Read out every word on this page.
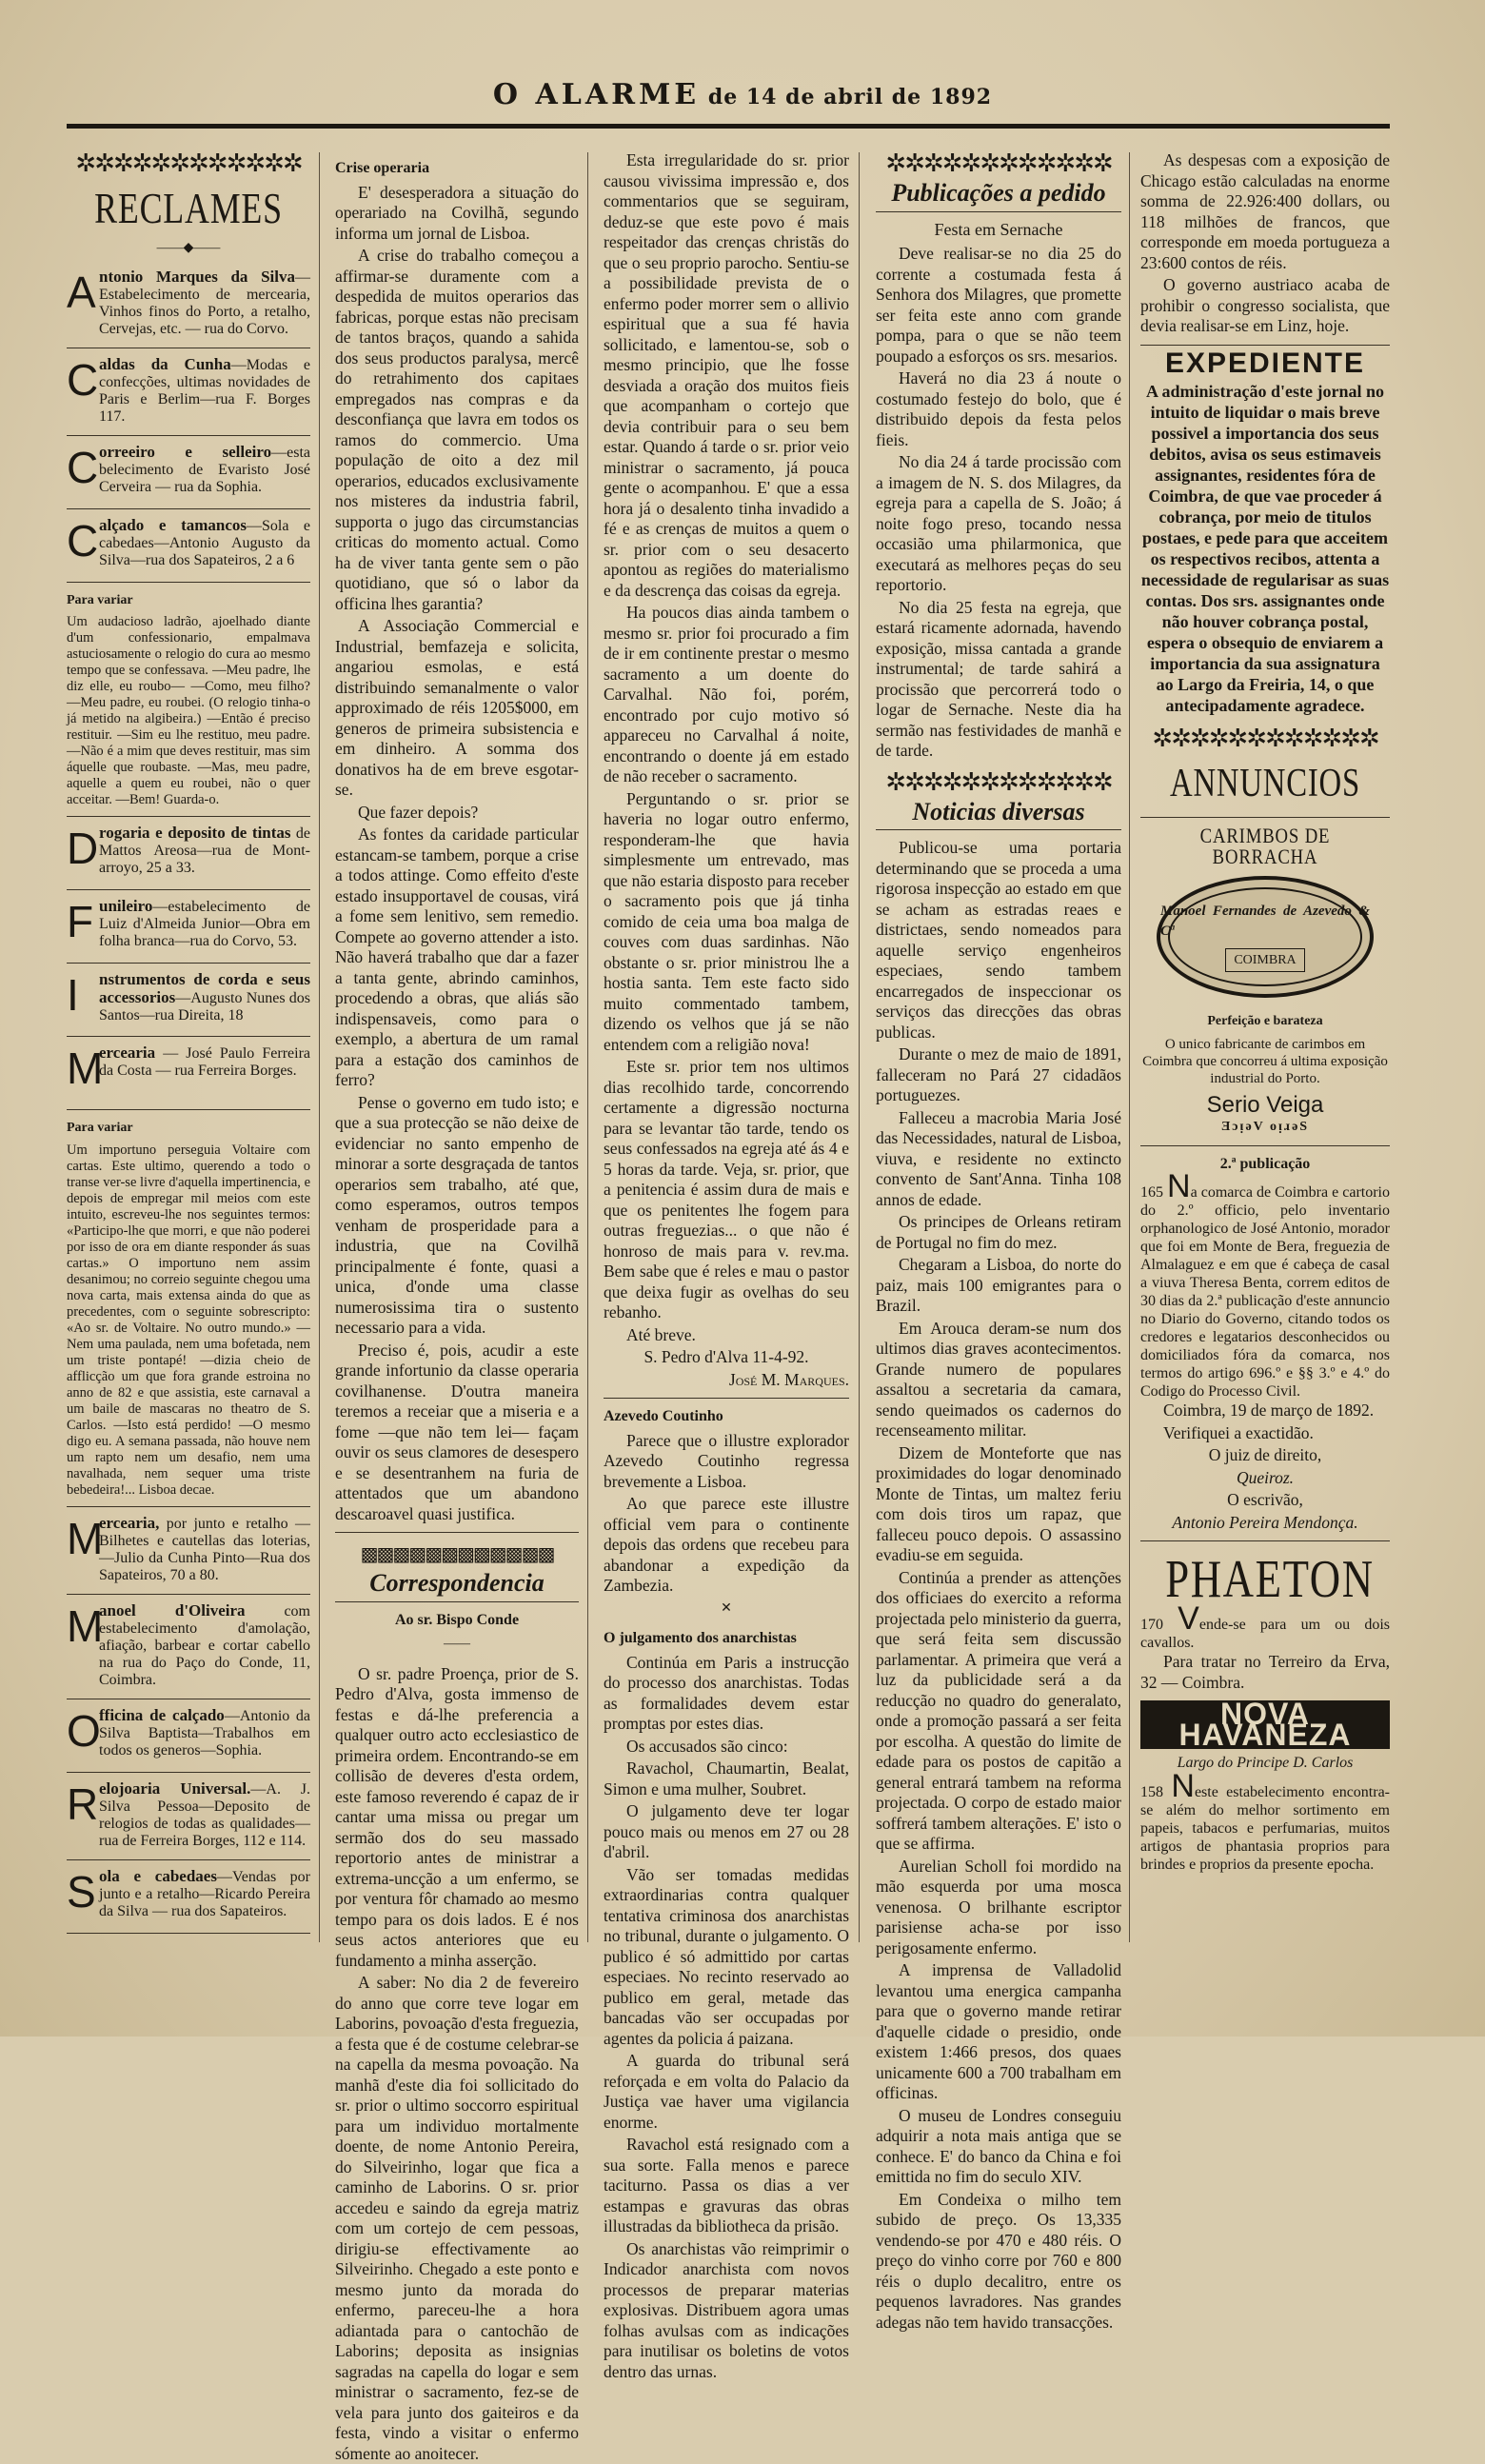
O ALARME de 14 de abril de 1892
✲✲✲✲✲✲✲✲✲✲✲✲
RECLAMES
——◆——
A ntonio Marques da Silva—Estabelecimento de mercearia, Vinhos finos do Porto, a retalho, Cervejas, etc. — rua do Corvo.
C aldas da Cunha—Modas e confecções, ultimas novidades de Paris e Berlim—rua F. Borges 117.
C orreeiro e selleiro—esta belecimento de Evaristo José Cerveira — rua da Sophia.
C alçado e tamancos—Sola e cabedaes—Antonio Augusto da Silva—rua dos Sapateiros, 2 a 6
Para variar
Um audacioso ladrão, ajoelhado diante d'um confessionario, empalmava astuciosamente o relogio do cura ao mesmo tempo que se confessava. —Meu padre, lhe diz elle, eu roubo— —Como, meu filho? —Meu padre, eu roubei. (O relogio tinha-o já metido na algibeira.) —Então é preciso restituir. —Sim eu lhe restituo, meu padre. —Não é a mim que deves restituir, mas sim áquelle que roubaste. —Mas, meu padre, aquelle a quem eu roubei, não o quer acceitar. —Bem! Guarda-o.
D rogaria e deposito de tintas de Mattos Areosa—rua de Mont-arroyo, 25 a 33.
F unileiro—estabelecimento de Luiz d'Almeida Junior—Obra em folha branca—rua do Corvo, 53.
I nstrumentos de corda e seus accessorios—Augusto Nunes dos Santos—rua Direita, 18
M
ercearia — José Paulo Ferreira da Costa — rua Ferreira Borges.
Para variar
Um importuno perseguia Voltaire com cartas. Este ultimo, querendo a todo o transe ver-se livre d'aquella impertinencia, e depois de empregar mil meios com este intuito, escreveu-lhe nos seguintes termos: «Participo-lhe que morri, e que não poderei por isso de ora em diante responder ás suas cartas.» O importuno nem assim desanimou; no correio seguinte chegou uma nova carta, mais extensa ainda do que as precedentes, com o seguinte sobrescripto: «Ao sr. de Voltaire. No outro mundo.» —Nem uma paulada, nem uma bofetada, nem um triste pontapé! —dizia cheio de afflicção um que fora grande estroina no anno de 82 e que assistia, este carnaval a um baile de mascaras no theatro de S. Carlos. —Isto está perdido! —O mesmo digo eu. A semana passada, não houve nem um rapto nem um desafio, nem uma navalhada, nem sequer uma triste bebedeira!... Lisboa decae.
M
ercearia, por junto e retalho —Bilhetes e cautellas das loterias, —Julio da Cunha Pinto—Rua dos Sapateiros, 70 a 80.
M
anoel d'Oliveira com estabelecimento d'amolação, afiação, barbear e cortar cabello na rua do Paço do Conde, 11, Coimbra.
O
fficina de calçado—Antonio da Silva Baptista—Trabalhos em todos os generos—Sophia.
R elojoaria Universal.—A. J. Silva Pessoa—Deposito de relogios de todas as qualidades—rua de Ferreira Borges, 112 e 114.
S ola e cabedaes—Vendas por junto e a retalho—Ricardo Pereira da Silva — rua dos Sapateiros.
Crise operaria

E' desesperadora a situação do operariado na Covilhã, segundo informa um jornal de Lisboa.

A crise do trabalho começou a affirmar-se duramente com a despedida de muitos operarios das fabricas, porque estas não precisam de tantos braços, quando a sahida dos seus productos paralysa, mercê do retrahimento dos capitaes empregados nas compras e da desconfiança que lavra em todos os ramos do commercio. Uma população de oito a dez mil operarios, educados exclusivamente nos misteres da industria fabril, supporta o jugo das circumstancias criticas do momento actual. Como ha de viver tanta gente sem o pão quotidiano, que só o labor da officina lhes garantia?

A Associação Commercial e Industrial, bemfazeja e solicita, angariou esmolas, e está distribuindo semanalmente o valor approximado de réis 1205$000, em generos de primeira subsistencia e em dinheiro. A somma dos donativos ha de em breve esgotar-se.

Que fazer depois?

As fontes da caridade particular estancam-se tambem, porque a crise a todos attinge. Como effeito d'este estado insupportavel de cousas, virá a fome sem lenitivo, sem remedio. Compete ao governo attender a isto. Não haverá trabalho que dar a fazer a tanta gente, abrindo caminhos, procedendo a obras, que aliás são indispensaveis, como para o exemplo, a abertura de um ramal para a estação dos caminhos de ferro?

Pense o governo em tudo isto; e que a sua protecção se não deixe de evidenciar no santo empenho de minorar a sorte desgraçada de tantos operarios sem trabalho, até que, como esperamos, outros tempos venham de prosperidade para a industria, que na Covilhã principalmente é fonte, quasi a unica, d'onde uma classe numerosissima tira o sustento necessario para a vida.

Preciso é, pois, acudir a este grande infortunio da classe operaria covilhanense. D'outra maneira teremos a receiar que a miseria e a fome —que não tem lei— façam ouvir os seus clamores de desespero e se desentranhem na furia de attentados que um abandono descaroavel quasi justifica.

▩▩▩▩▩▩▩▩▩▩▩▩
Correspondencia
Ao sr. Bispo Conde
——

O sr. padre Proença, prior de S. Pedro d'Alva, gosta immenso de festas e dá-lhe preferencia a qualquer outro acto ecclesiastico de primeira ordem. Encontrando-se em collisão de deveres d'esta ordem, este famoso reverendo é capaz de ir cantar uma missa ou pregar um sermão dos do seu massado reportorio antes de ministrar a extrema-uncção a um enfermo, se por ventura fôr chamado ao mesmo tempo para os dois lados. E é nos seus actos anteriores que eu fundamento a minha asserção.

A saber: No dia 2 de fevereiro do anno que corre teve logar em Laborins, povoação d'esta freguezia, a festa que é de costume celebrar-se na capella da mesma povoação. Na manhã d'este dia foi sollicitado do sr. prior o ultimo soccorro espiritual para um individuo mortalmente doente, de nome Antonio Pereira, do Silveirinho, logar que fica a caminho de Laborins. O sr. prior accedeu e saindo da egreja matriz com um cortejo de cem pessoas, dirigiu-se effectivamente ao Silveirinho. Chegado a este ponto e mesmo junto da morada do enfermo, pareceu-lhe a hora adiantada para o cantochão de Laborins; deposita as insignias sagradas na capella do logar e sem ministrar o sacramento, fez-se de vela para junto dos gaiteiros e da festa, vindo a visitar o enfermo sómente ao anoitecer.

Esta irregularidade do sr. prior causou vivissima impressão e, dos commentarios que se seguiram, deduz-se que este povo é mais respeitador das crenças christãs do que o seu proprio parocho. Sentiu-se a possibilidade prevista de o enfermo poder morrer sem o allivio espiritual que a sua fé havia sollicitado, e lamentou-se, sob o mesmo principio, que lhe fosse desviada a oração dos muitos fieis que acompanham o cortejo que devia contribuir para o seu bem estar. Quando á tarde o sr. prior veio ministrar o sacramento, já pouca gente o acompanhou. E' que a essa hora já o desalento tinha invadido a fé e as crenças de muitos a quem o sr. prior com o seu desacerto apontou as regiões do materialismo e da descrença das coisas da egreja.

Ha poucos dias ainda tambem o mesmo sr. prior foi procurado a fim de ir em continente prestar o mesmo sacramento a um doente do Carvalhal. Não foi, porém, encontrado por cujo motivo só appareceu no Carvalhal á noite, encontrando o doente já em estado de não receber o sacramento.

Perguntando o sr. prior se haveria no logar outro enfermo, responderam-lhe que havia simplesmente um entrevado, mas que não estaria disposto para receber o sacramento pois que já tinha comido de ceia uma boa malga de couves com duas sardinhas. Não obstante o sr. prior ministrou lhe a hostia santa. Tem este facto sido muito commentado tambem, dizendo os velhos que já se não entendem com a religião nova!

Este sr. prior tem nos ultimos dias recolhido tarde, concorrendo certamente a digressão nocturna para se levantar tão tarde, tendo os seus confessados na egreja até ás 4 e 5 horas da tarde. Veja, sr. prior, que a penitencia é assim dura de mais e que os penitentes lhe fogem para outras freguezias... o que não é honroso de mais para v. rev.ma. Bem sabe que é reles e mau o pastor que deixa fugir as ovelhas do seu rebanho.

Até breve.

S. Pedro d'Alva 11-4-92.

José M. Marques.

Azevedo Coutinho

Parece que o illustre explorador Azevedo Coutinho regressa brevemente a Lisboa.

Ao que parece este illustre official vem para o continente depois das ordens que recebeu para abandonar a expedição da Zambezia.

✕
O julgamento dos anarchistas

Continúa em Paris a instrucção do processo dos anarchistas. Todas as formalidades devem estar promptas por estes dias.

Os accusados são cinco:

Ravachol, Chaumartin, Bealat, Simon e uma mulher, Soubret.

O julgamento deve ter logar pouco mais ou menos em 27 ou 28 d'abril.

Vão ser tomadas medidas extraordinarias contra qualquer tentativa criminosa dos anarchistas no tribunal, durante o julgamento. O publico é só admittido por cartas especiaes. No recinto reservado ao publico em geral, metade das bancadas vão ser occupadas por agentes da policia á paizana.

A guarda do tribunal será reforçada e em volta do Palacio da Justiça vae haver uma vigilancia enorme.

Ravachol está resignado com a sua sorte. Falla menos e parece taciturno. Passa os dias a ver estampas e gravuras das obras illustradas da bibliotheca da prisão.

Os anarchistas vão reimprimir o Indicador anarchista com novos processos de preparar materias explosivas. Distribuem agora umas folhas avulsas com as indicações para inutilisar os boletins de votos dentro das urnas.

✲✲✲✲✲✲✲✲✲✲✲✲
Publicações a pedido
Festa em Sernache

Deve realisar-se no dia 25 do corrente a costumada festa á Senhora dos Milagres, que promette ser feita este anno com grande pompa, para o que se não teem poupado a esforços os srs. mesarios.

Haverá no dia 23 á noute o costumado festejo do bolo, que é distribuido depois da festa pelos fieis.

No dia 24 á tarde procissão com a imagem de N. S. dos Milagres, da egreja para a capella de S. João; á noite fogo preso, tocando nessa occasião uma philarmonica, que executará as melhores peças do seu reportorio.

No dia 25 festa na egreja, que estará ricamente adornada, havendo exposição, missa cantada a grande instrumental; de tarde sahirá a procissão que percorrerá todo o logar de Sernache. Neste dia ha sermão nas festividades de manhã e de tarde.

✲✲✲✲✲✲✲✲✲✲✲✲
Noticias diversas

Publicou-se uma portaria determinando que se proceda a uma rigorosa inspecção ao estado em que se acham as estradas reaes e districtaes, sendo nomeados para aquelle serviço engenheiros especiaes, sendo tambem encarregados de inspeccionar os serviços das direcções das obras publicas.

Durante o mez de maio de 1891, falleceram no Pará 27 cidadãos portuguezes.

Falleceu a macrobia Maria José das Necessidades, natural de Lisboa, viuva, e residente no extincto convento de Sant'Anna. Tinha 108 annos de edade.

Os principes de Orleans retiram de Portugal no fim do mez.

Chegaram a Lisboa, do norte do paiz, mais 100 emigrantes para o Brazil.

Em Arouca deram-se num dos ultimos dias graves acontecimentos. Grande numero de populares assaltou a secretaria da camara, sendo queimados os cadernos do recenseamento militar.

Dizem de Monteforte que nas proximidades do logar denominado Monte de Tintas, um maltez feriu com dois tiros um rapaz, que falleceu pouco depois. O assassino evadiu-se em seguida.

Continúa a prender as attenções dos officiaes do exercito a reforma projectada pelo ministerio da guerra, que será feita sem discussão parlamentar. A primeira que verá a luz da publicidade será a da reducção no quadro do generalato, onde a promoção passará a ser feita por escolha. A questão do limite de edade para os postos de capitão a general entrará tambem na reforma projectada. O corpo de estado maior soffrerá tambem alterações. E' isto o que se affirma.

Aurelian Scholl foi mordido na mão esquerda por uma mosca venenosa. O brilhante escriptor parisiense acha-se por isso perigosamente enfermo.

A imprensa de Valladolid levantou uma energica campanha para que o governo mande retirar d'aquelle cidade o presidio, onde existem 1:466 presos, dos quaes unicamente 600 a 700 trabalham em officinas.

O museu de Londres conseguiu adquirir a nota mais antiga que se conhece. E' do banco da China e foi emittida no fim do seculo XIV.

Em Condeixa o milho tem subido de preço. Os 13,335 vendendo-se por 470 e 480 réis. O preço do vinho corre por 760 e 800 réis o duplo decalitro, entre os pequenos lavradores. Nas grandes adegas não tem havido transacções.

As despesas com a exposição de Chicago estão calculadas na enorme somma de 22.926:400 dollars, ou 118 milhões de francos, que corresponde em moeda portugueza a 23:600 contos de réis.

O governo austriaco acaba de prohibir o congresso socialista, que devia realisar-se em Linz, hoje.

EXPEDIENTE
A administração d'este jornal no intuito de liquidar o mais breve possivel a importancia dos seus debitos, avisa os seus estimaveis assignantes, residentes fóra de Coimbra, de que vae proceder á cobrança, por meio de titulos postaes, e pede para que acceitem os respectivos recibos, attenta a necessidade de regularisar as suas contas. Dos srs. assignantes onde não houver cobrança postal, espera o obsequio de enviarem a importancia da sua assignatura ao Largo da Freiria, 14, o que antecipadamente agradece.
✲✲✲✲✲✲✲✲✲✲✲✲
ANNUNCIOS
CARIMBOS DE BORRACHA
Manoel Fernandes de Azevedo & Cª
COIMBRA
Perfeição e barateza
O unico fabricante de carimbos em Coimbra que concorreu á ultima exposição industrial do Porto.
Serio Veiga
ƎɔᴉǝV oᴉɹǝS
2.ª publicação
165 Na comarca de Coimbra e cartorio do 2.º officio, pelo inventario orphanologico de José Antonio, morador que foi em Monte de Bera, freguezia de Almalaguez e em que é cabeça de casal a viuva Theresa Benta, correm editos de 30 dias da 2.ª publicação d'este annuncio no Diario do Governo, citando todos os credores e legatarios desconhecidos ou domiciliados fóra da comarca, nos termos do artigo 696.º e §§ 3.º e 4.º do Codigo do Processo Civil.

Coimbra, 19 de março de 1892.

Verifiquei a exactidão.

O juiz de direito,

Queiroz.

O escrivão,

Antonio Pereira Mendonça.

PHAETON
170 Vende-se para um ou dois cavallos.

Para tratar no Terreiro da Erva, 32 — Coimbra.

NOVA HAVANEZA
Largo do Principe D. Carlos
158 Neste estabelecimento encontra-se além do melhor sortimento em papeis, tabacos e perfumarias, muitos artigos de phantasia proprios para brindes e proprios da presente epocha.
